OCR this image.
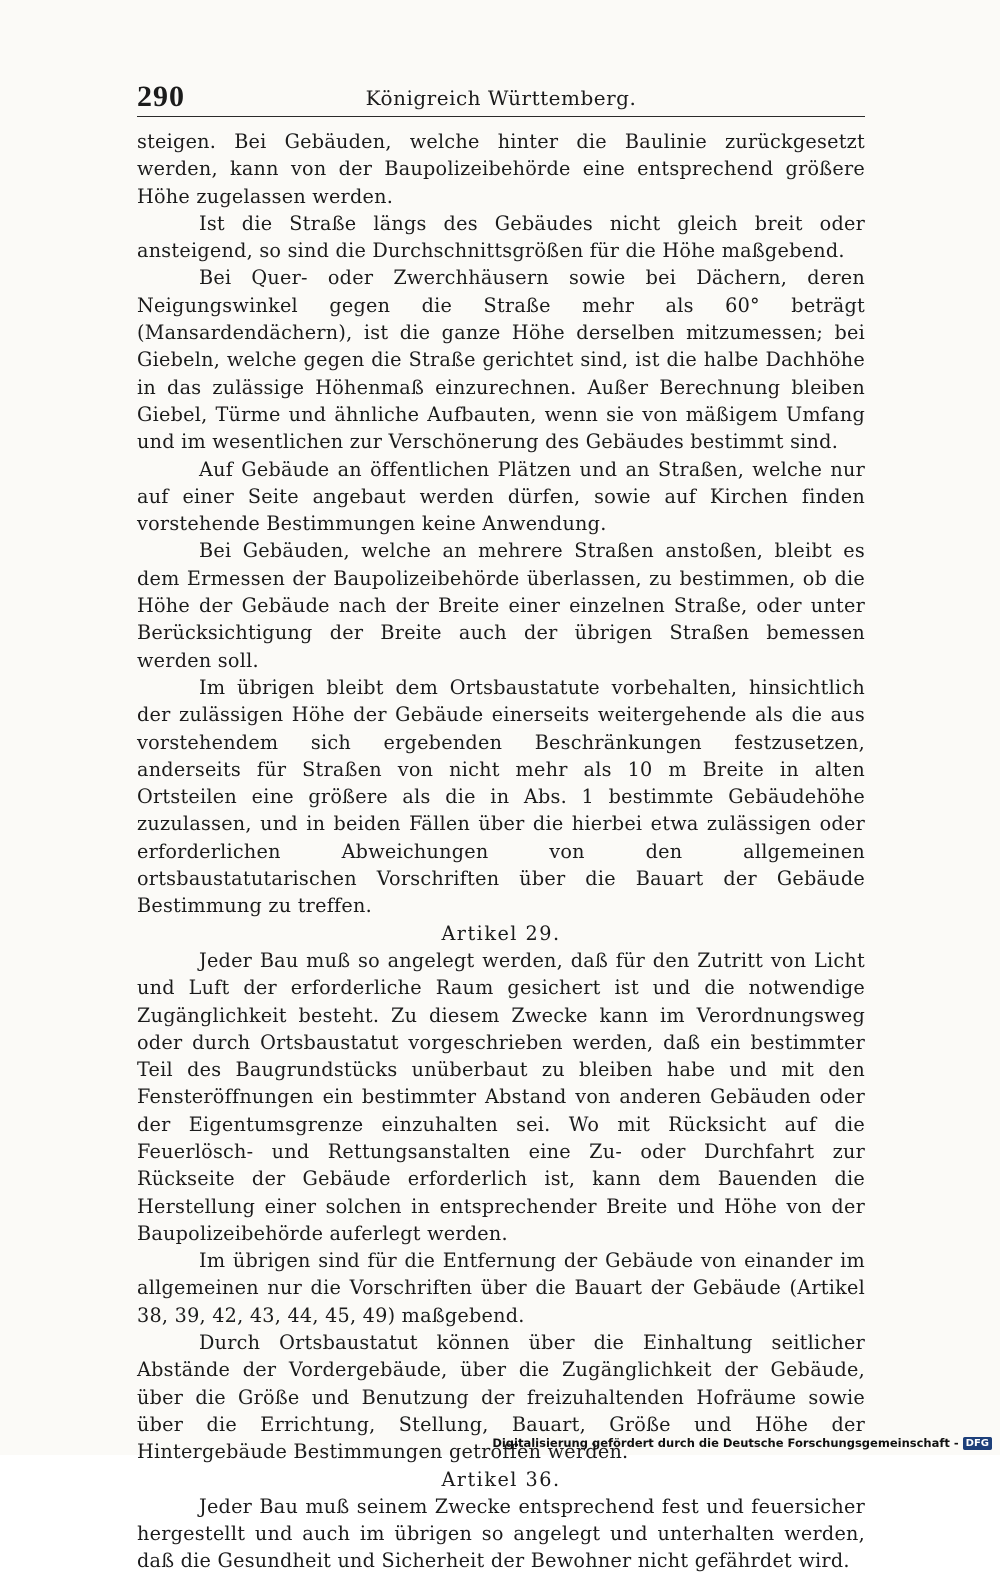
290	Königreich Württemberg.

steigen. Bei Gebäuden, welche hinter die Baulinie zurückgesetzt werden, kann von der Baupolizeibehörde eine entsprechend größere Höhe zugelassen werden.

Ist die Straße längs des Gebäudes nicht gleich breit oder ansteigend, so sind die Durchschnittsgrößen für die Höhe maßgebend.

Bei Quer- oder Zwerchhäusern sowie bei Dächern, deren Neigungswinkel gegen die Straße mehr als 60° beträgt (Mansardendächern), ist die ganze Höhe derselben mitzumessen; bei Giebeln, welche gegen die Straße gerichtet sind, ist die halbe Dachhöhe in das zulässige Höhenmaß einzurechnen. Außer Berechnung bleiben Giebel, Türme und ähnliche Aufbauten, wenn sie von mäßigem Umfang und im wesentlichen zur Verschönerung des Gebäudes bestimmt sind.

Auf Gebäude an öffentlichen Plätzen und an Straßen, welche nur auf einer Seite angebaut werden dürfen, sowie auf Kirchen finden vorstehende Bestimmungen keine Anwendung.

Bei Gebäuden, welche an mehrere Straßen anstoßen, bleibt es dem Ermessen der Baupolizeibehörde überlassen, zu bestimmen, ob die Höhe der Gebäude nach der Breite einer einzelnen Straße, oder unter Berücksichtigung der Breite auch der übrigen Straßen bemessen werden soll.

Im übrigen bleibt dem Ortsbaustatute vorbehalten, hinsichtlich der zulässigen Höhe der Gebäude einerseits weitergehende als die aus vorstehendem sich ergebenden Beschränkungen festzusetzen, anderseits für Straßen von nicht mehr als 10 m Breite in alten Ortsteilen eine größere als die in Abs. 1 bestimmte Gebäudehöhe zuzulassen, und in beiden Fällen über die hierbei etwa zulässigen oder erforderlichen Abweichungen von den allgemeinen ortsbaustatutarischen Vorschriften über die Bauart der Gebäude Bestimmung zu treffen.

Artikel 29.

Jeder Bau muß so angelegt werden, daß für den Zutritt von Licht und Luft der erforderliche Raum gesichert ist und die notwendige Zugänglichkeit besteht. Zu diesem Zwecke kann im Verordnungsweg oder durch Ortsbaustatut vorgeschrieben werden, daß ein bestimmter Teil des Baugrundstücks unüberbaut zu bleiben habe und mit den Fensteröffnungen ein bestimmter Abstand von anderen Gebäuden oder der Eigentumsgrenze einzuhalten sei. Wo mit Rücksicht auf die Feuerlösch- und Rettungsanstalten eine Zu- oder Durchfahrt zur Rückseite der Gebäude erforderlich ist, kann dem Bauenden die Herstellung einer solchen in entsprechender Breite und Höhe von der Baupolizeibehörde auferlegt werden.

Im übrigen sind für die Entfernung der Gebäude von einander im allgemeinen nur die Vorschriften über die Bauart der Gebäude (Artikel 38, 39, 42, 43, 44, 45, 49) maßgebend.

Durch Ortsbaustatut können über die Einhaltung seitlicher Abstände der Vordergebäude, über die Zugänglichkeit der Gebäude, über die Größe und Benutzung der freizuhaltenden Hofräume sowie über die Errichtung, Stellung, Bauart, Größe und Höhe der Hintergebäude Bestimmungen getroffen werden.

Artikel 36.

Jeder Bau muß seinem Zwecke entsprechend fest und feuersicher hergestellt und auch im übrigen so angelegt und unterhalten werden, daß die Gesundheit und Sicherheit der Bewohner nicht gefährdet wird.

Digitalisierung gefördert durch die Deutsche Forschungsgemeinschaft - DFG
